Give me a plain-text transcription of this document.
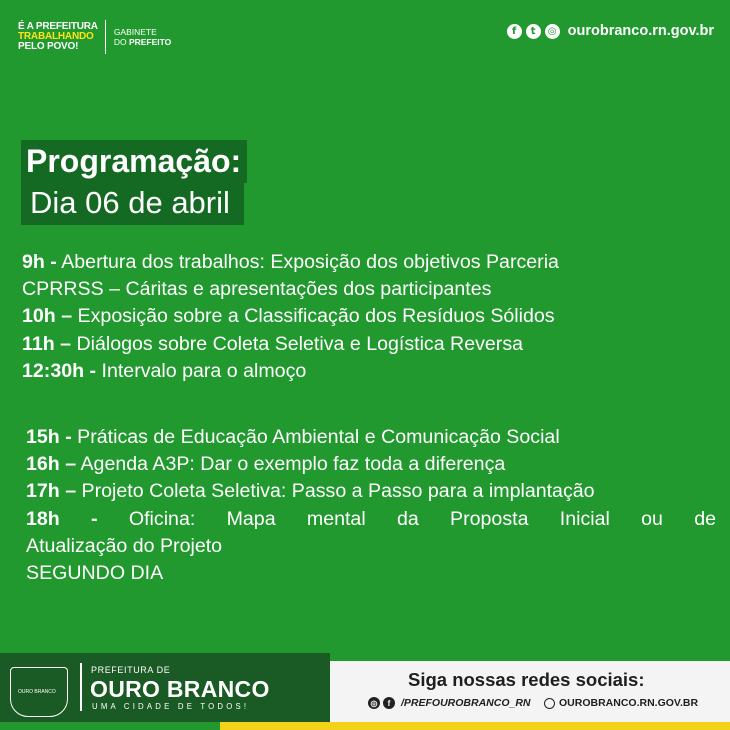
É A PREFEITURA
TRABALHANDO
PELO POVO!
GABINETE
DO PREFEITO
f	t	◎ ourobranco.rn.gov.br
Programação:
Dia 06 de abril
9h - Abertura dos trabalhos: Exposição dos objetivos Parceria
CPRRSS – Cáritas e apresentações dos participantes
10h – Exposição sobre a Classificação dos Resíduos Sólidos
11h – Diálogos sobre Coleta Seletiva e Logística Reversa
12:30h - Intervalo para o almoço
15h - Práticas de Educação Ambiental e Comunicação Social
16h – Agenda A3P: Dar o exemplo faz toda a diferença
17h – Projeto Coleta Seletiva: Passo a Passo para a implantação
18h - Oficina: Mapa mental da Proposta Inicial ou de
Atualização do Projeto
SEGUNDO DIA
OURO BRANCO
PREFEITURA DE
OURO BRANCO
UMA CIDADE DE TODOS!
Siga nossas redes sociais:
◎	f	/PREFOUROBRANCO_RN	OUROBRANCO.RN.GOV.BR
